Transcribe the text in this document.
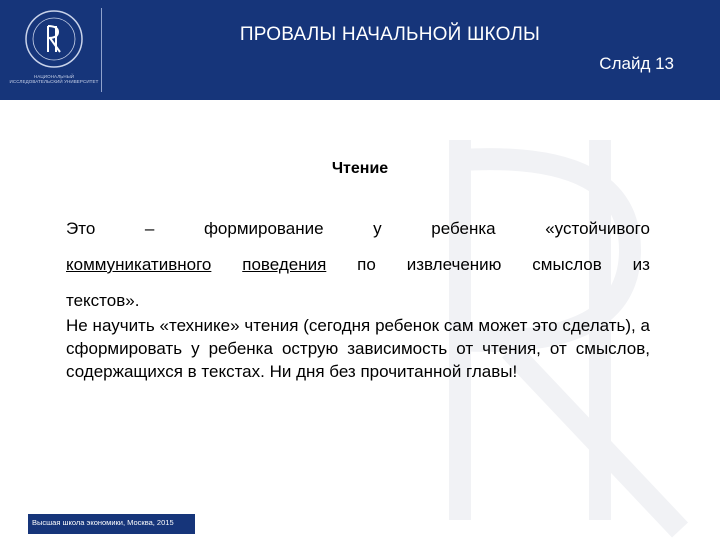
НАЦИОНАЛЬНЫЙ ИССЛЕДОВАТЕЛЬСКИЙ УНИВЕРСИТЕТ
ПРОВАЛЫ НАЧАЛЬНОЙ ШКОЛЫ
Слайд 13
Чтение
Это	–	формирование	у	ребенка	«устойчивого
коммуникативного поведения по извлечению смыслов из
текстов».
Не научить «технике» чтения (сегодня ребенок сам может это сделать), а сформировать у ребенка острую зависимость от чтения, от смыслов, содержащихся в текстах. Ни дня без прочитанной главы!
Высшая школа экономики, Москва, 2015
